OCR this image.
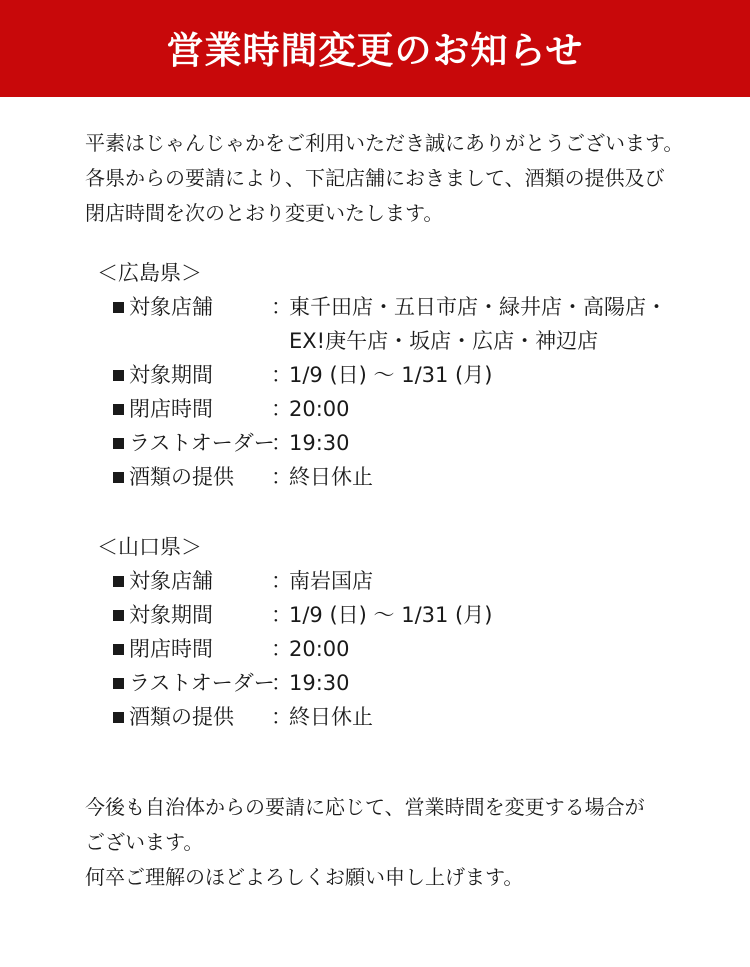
営業時間変更のお知らせ

平素はじゃんじゃかをご利用いただき誠にありがとうございます。

各県からの要請により、下記店舗におきまして、酒類の提供及び

閉店時間を次のとおり変更いたします。

＜広島県＞

対象店舗	：
東千田店・五日市店・緑井店・高陽店・
EX!庚午店・坂店・広店・神辺店
対象期間	：
1/9 (日) ～ 1/31 (月)
閉店時間	：
20:00
ラストオーダー
：
19:30
酒類の提供	：
終日休止

＜山口県＞

対象店舗	：
南岩国店
対象期間	：
1/9 (日) ～ 1/31 (月)
閉店時間	：
20:00
ラストオーダー
：
19:30
酒類の提供	：
終日休止

今後も自治体からの要請に応じて、営業時間を変更する場合が

ございます。

何卒ご理解のほどよろしくお願い申し上げます。
